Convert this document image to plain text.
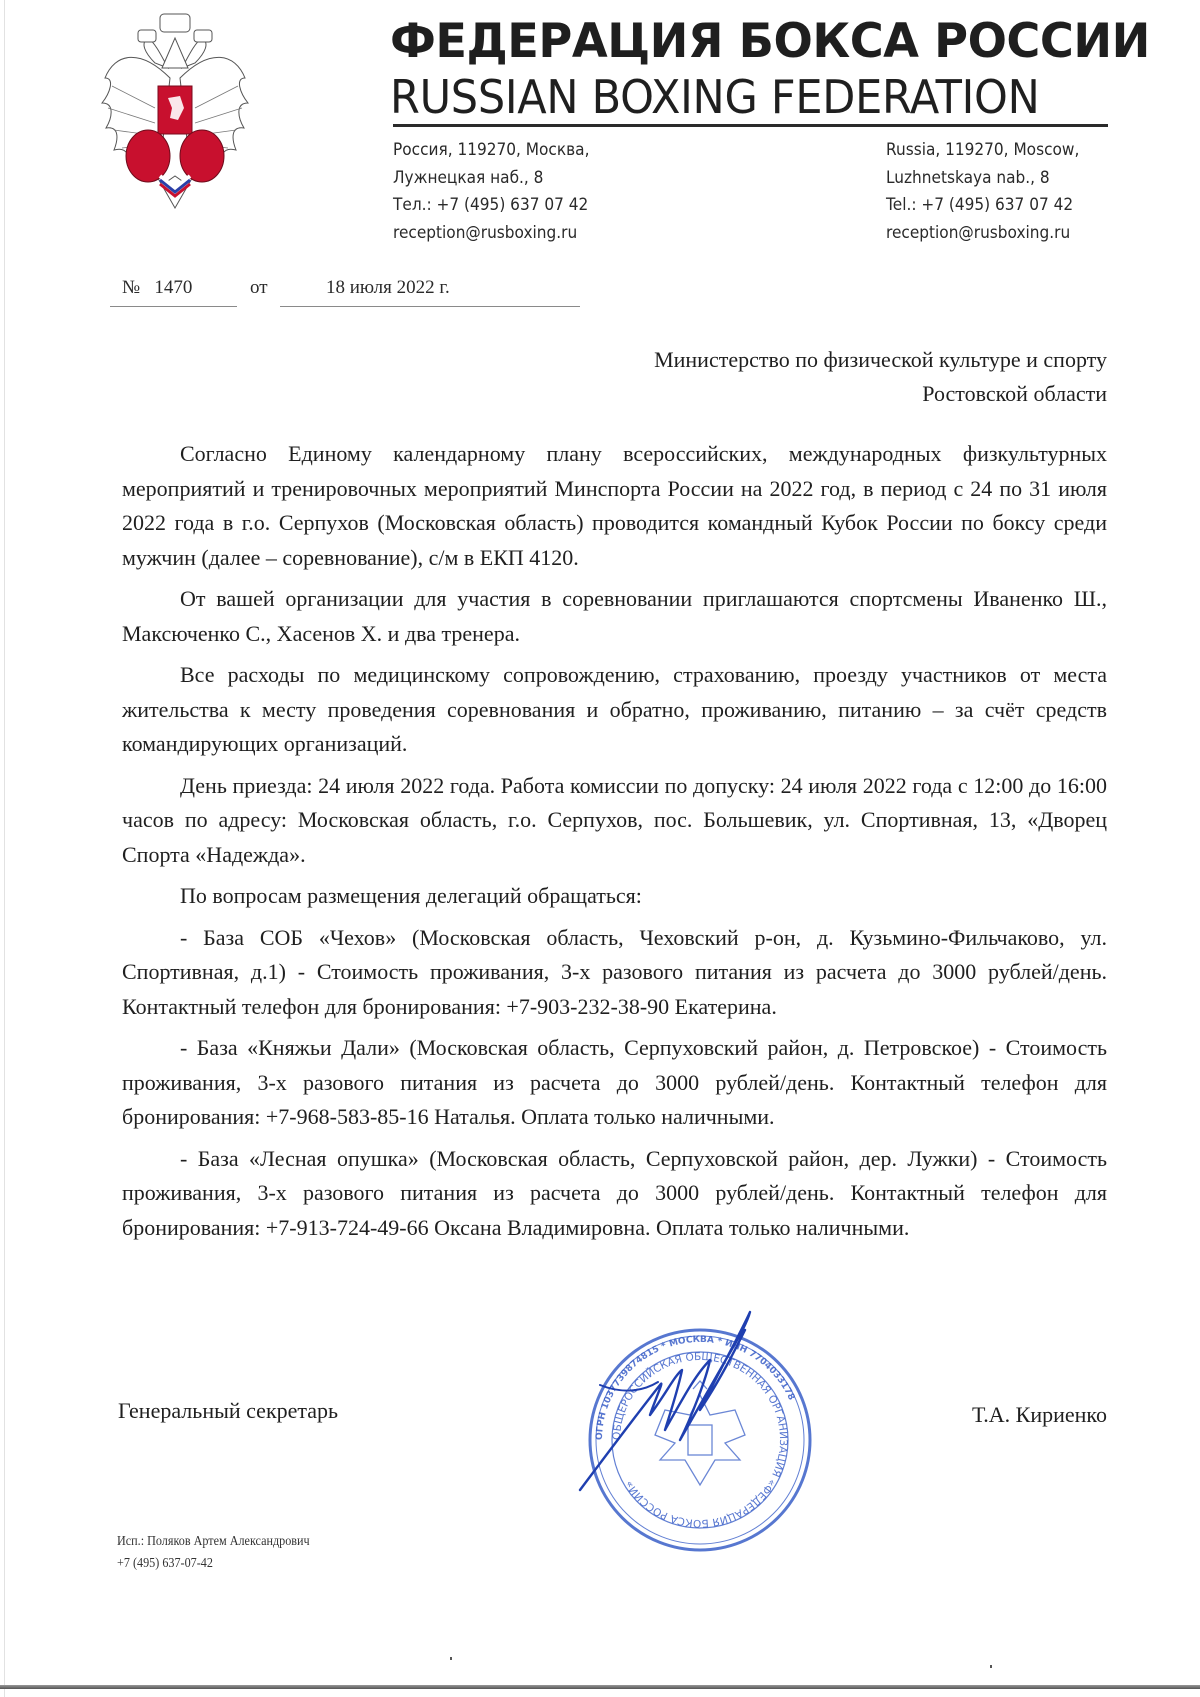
ФЕДЕРАЦИЯ БОКСА РОССИИ
RUSSIAN BOXING FEDERATION
Россия, 119270, Москва,
Лужнецкая наб., 8
Тел.: +7 (495) 637 07 42
reception@rusboxing.ru
Russia, 119270, Moscow,
Luzhnetskaya nab., 8
Tel.: +7 (495) 637 07 42
reception@rusboxing.ru
№ 1470	от	18 июля 2022 г.
Министерство по физической культуре и спорту
Ростовской области

Согласно Единому календарному плану всероссийских, международных физкультурных мероприятий и тренировочных мероприятий Минспорта России на 2022 год, в период с 24 по 31 июля 2022 года в г.о. Серпухов (Московская область) проводится командный Кубок России по боксу среди мужчин (далее – соревнование), с/м в ЕКП 4120.

От вашей организации для участия в соревновании приглашаются спортсмены Иваненко Ш., Максюченко С., Хасенов Х. и два тренера.

Все расходы по медицинскому сопровождению, страхованию, проезду участников от места жительства к месту проведения соревнования и обратно, проживанию, питанию – за счёт средств командирующих организаций.

День приезда: 24 июля 2022 года. Работа комиссии по допуску: 24 июля 2022 года с 12:00 до 16:00 часов по адресу: Московская область, г.о. Серпухов, пос. Большевик, ул. Спортивная, 13, «Дворец Спорта «Надежда».

По вопросам размещения делегаций обращаться:

- База СОБ «Чехов» (Московская область, Чеховский р-он, д. Кузьмино-Фильчаково, ул. Спортивная, д.1) - Стоимость проживания, 3-х разового питания из расчета до 3000 рублей/день. Контактный телефон для бронирования: +7-903-232-38-90 Екатерина.

- База «Княжьи Дали» (Московская область, Серпуховский район, д. Петровское) - Стоимость проживания, 3-х разового питания из расчета до 3000 рублей/день. Контактный телефон для бронирования: +7-968-583-85-16 Наталья. Оплата только наличными.

- База «Лесная опушка» (Московская область, Серпуховской район, дер. Лужки) - Стоимость проживания, 3-х разового питания из расчета до 3000 рублей/день. Контактный телефон для бронирования: +7-913-724-49-66 Оксана Владимировна. Оплата только наличными.

Генеральный секретарь	Т.А. Кириенко
ОГРН 1037739874815 * МОСКВА * ИНН 7704033178
ОБЩЕРОССИЙСКАЯ ОБЩЕСТВЕННАЯ ОРГАНИЗАЦИЯ «ФЕДЕРАЦИЯ БОКСА РОССИИ»
Исп.: Поляков Артем Александрович
+7 (495) 637-07-42
